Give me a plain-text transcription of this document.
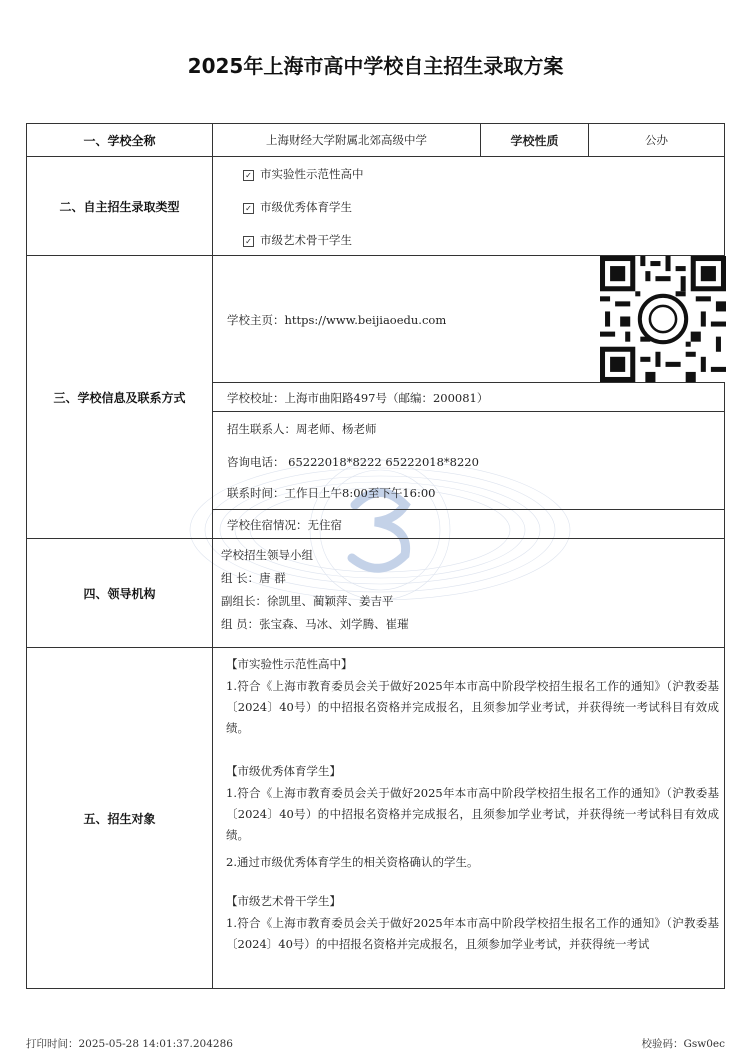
2025年上海市高中学校自主招生录取方案
一、学校全称	上海财经大学附属北郊高级中学	学校性质	公办
二、自主招生录取类型
✓ 市实验性示范性高中
✓ 市级优秀体育学生
✓ 市级艺术骨干学生
三、学校信息及联系方式
学校主页：https://www.beijiaoedu.com
学校校址：上海市曲阳路497号（邮编：200081）
招生联系人：周老师、杨老师
咨询电话： 65222018*8222 65222018*8220
联系时间：工作日上午8:00至下午16:00
学校住宿情况：无住宿
四、领导机构
学校招生领导小组
组 长：唐 群
副组长：徐凯里、蔺颖萍、姜吉平
组 员：张宝森、马冰、刘学腾、崔璀
五、招生对象
【市实验性示范性高中】
1.符合《上海市教育委员会关于做好2025年本市高中阶段学校招生报名工作的通知》（沪教委基〔2024〕40号）的中招报名资格并完成报名，且须参加学业考试，并获得统一考试科目有效成绩。
【市级优秀体育学生】
1.符合《上海市教育委员会关于做好2025年本市高中阶段学校招生报名工作的通知》（沪教委基〔2024〕40号）的中招报名资格并完成报名，且须参加学业考试，并获得统一考试科目有效成绩。
2.通过市级优秀体育学生的相关资格确认的学生。
【市级艺术骨干学生】
1.符合《上海市教育委员会关于做好2025年本市高中阶段学校招生报名工作的通知》（沪教委基〔2024〕40号）的中招报名资格并完成报名，且须参加学业考试，并获得统一考试
打印时间：2025-05-28 14:01:37.204286	校验码：Gsw0ec
